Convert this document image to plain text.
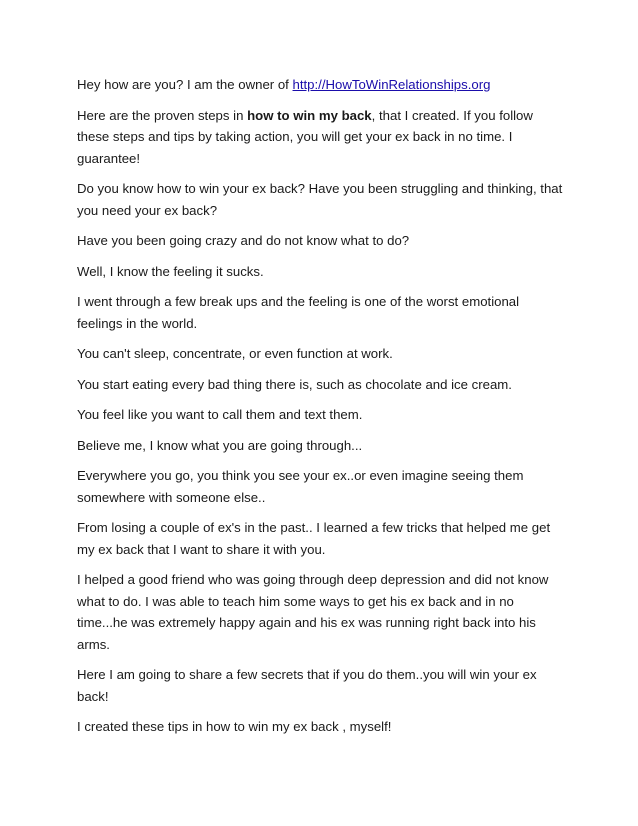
Hey how are you? I am the owner of http://HowToWinRelationships.org

Here are the proven steps in how to win my back, that I created. If you follow these steps and tips by taking action, you will get your ex back in no time. I guarantee!

Do you know how to win your ex back? Have you been struggling and thinking, that you need your ex back?

Have you been going crazy and do not know what to do?

Well, I know the feeling it sucks.

I went through a few break ups and the feeling is one of the worst emotional feelings in the world.

You can't sleep, concentrate, or even function at work.

You start eating every bad thing there is, such as chocolate and ice cream.

You feel like you want to call them and text them.

Believe me, I know what you are going through...

Everywhere you go, you think you see your ex..or even imagine seeing them somewhere with someone else..

From losing a couple of ex's in the past.. I learned a few tricks that helped me get my ex back that I want to share it with you.

I helped a good friend who was going through deep depression and did not know what to do. I was able to teach him some ways to get his ex back and in no time...he was extremely happy again and his ex was running right back into his arms.

Here I am going to share a few secrets that if you do them..you will win your ex back!

I created these tips in how to win my ex back , myself!
